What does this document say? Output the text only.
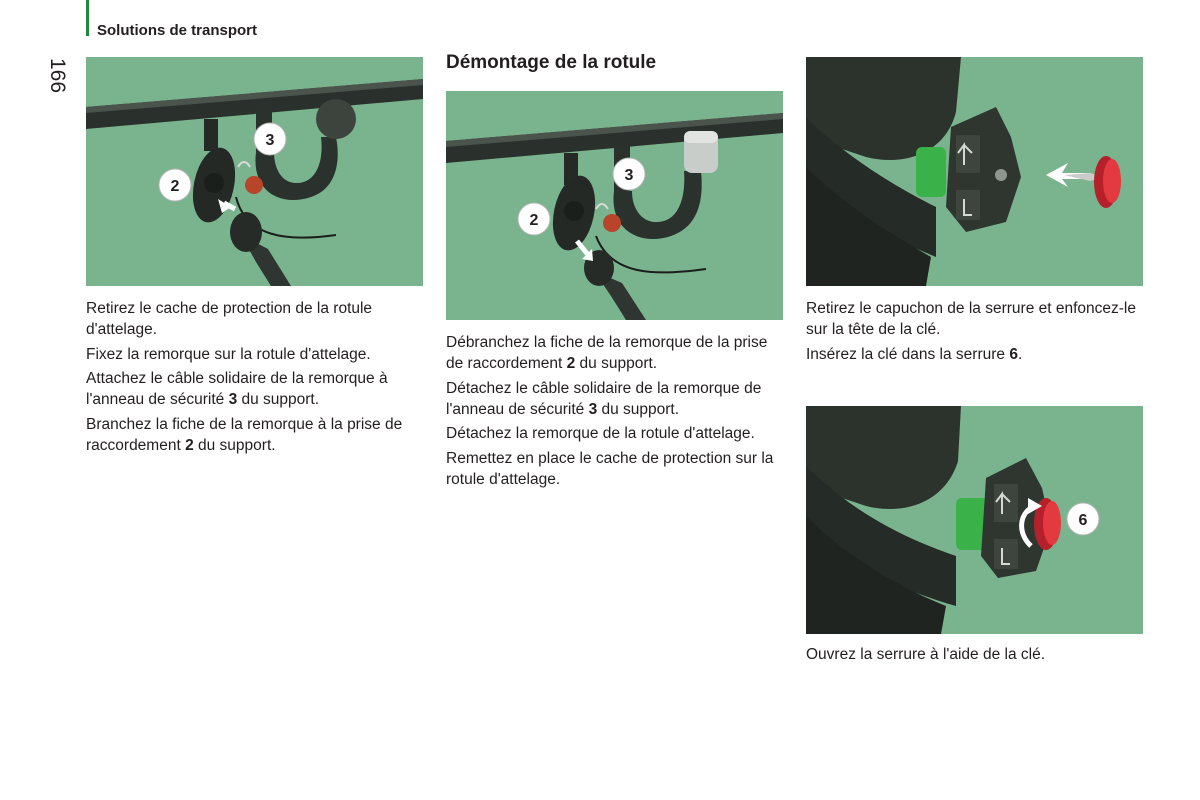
Solutions de transport
166
2
3
Démontage de la rotule
2
3
6

Retirez le cache de protection de la rotule d'attelage.

Fixez la remorque sur la rotule d'attelage.

Attachez le câble solidaire de la remorque à l'anneau de sécurité 3 du support.

Branchez la fiche de la remorque à la prise de raccordement 2 du support.

Débranchez la fiche de la remorque de la prise de raccordement 2 du support.

Détachez le câble solidaire de la remorque de l'anneau de sécurité 3 du support.

Détachez la remorque de la rotule d'attelage.

Remettez en place le cache de protection sur la rotule d'attelage.

Retirez le capuchon de la serrure et enfoncez-le sur la tête de la clé.

Insérez la clé dans la serrure 6.

Ouvrez la serrure à l'aide de la clé.
